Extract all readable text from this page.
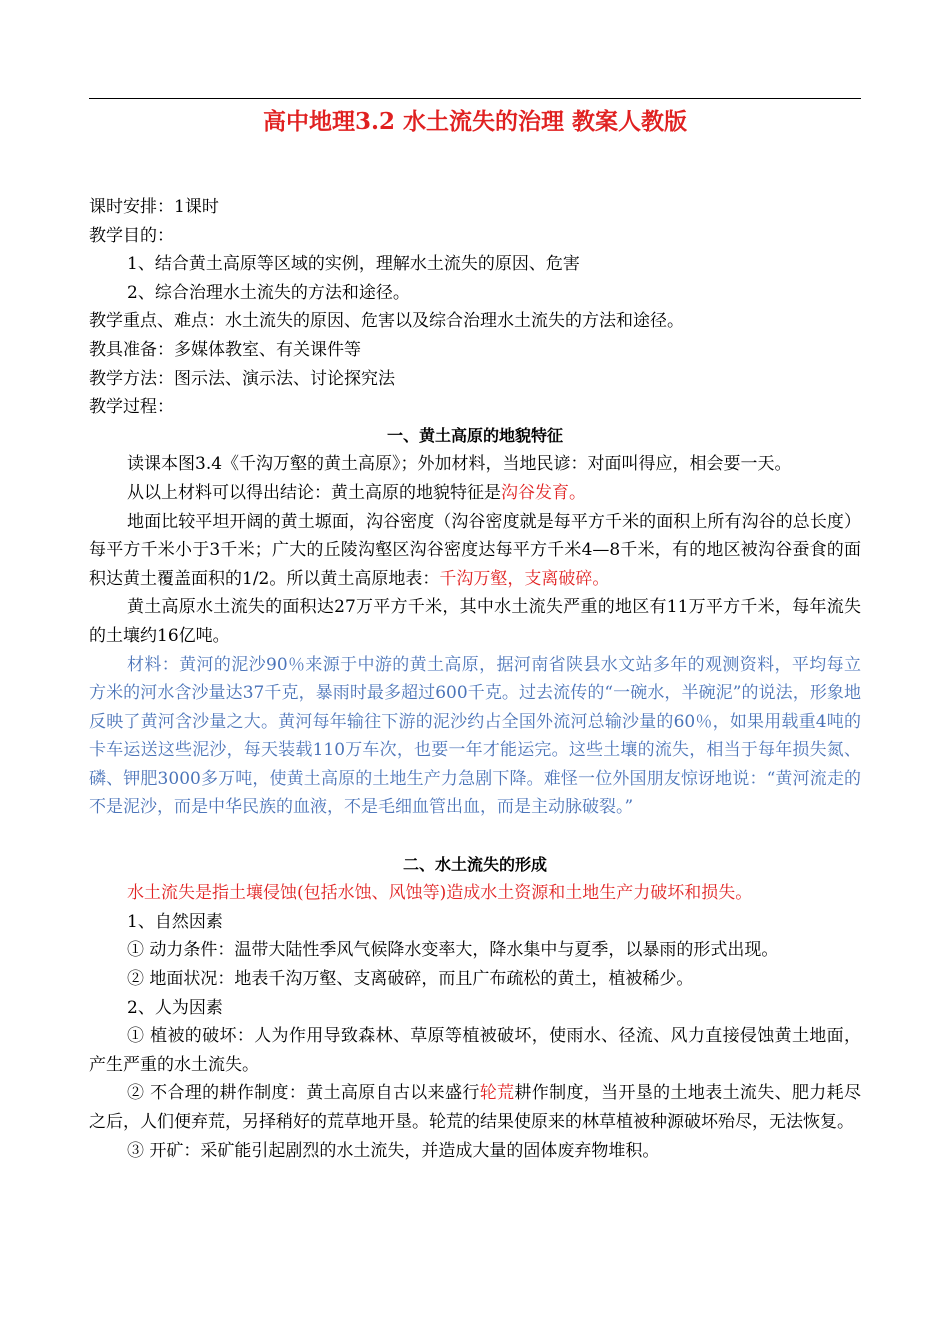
高中地理3.2 水土流失的治理 教案人教版
课时安排：1课时
教学目的：
1、结合黄土高原等区域的实例，理解水土流失的原因、危害
2、综合治理水土流失的方法和途径。
教学重点、难点：水土流失的原因、危害以及综合治理水土流失的方法和途径。
教具准备：多媒体教室、有关课件等
教学方法：图示法、演示法、讨论探究法
教学过程：
一、黄土高原的地貌特征
读课本图3.4《千沟万壑的黄土高原》；外加材料，当地民谚：对面叫得应，相会要一天。
从以上材料可以得出结论：黄土高原的地貌特征是沟谷发育。
地面比较平坦开阔的黄土塬面，沟谷密度（沟谷密度就是每平方千米的面积上所有沟谷的总长度）每平方千米小于3千米；广大的丘陵沟壑区沟谷密度达每平方千米4—8千米，有的地区被沟谷蚕食的面积达黄土覆盖面积的1/2。所以黄土高原地表：千沟万壑，支离破碎。
黄土高原水土流失的面积达27万平方千米，其中水土流失严重的地区有11万平方千米，每年流失的土壤约16亿吨。
材料：黄河的泥沙90％来源于中游的黄土高原，据河南省陕县水文站多年的观测资料，平均每立方米的河水含沙量达37千克，暴雨时最多超过600千克。过去流传的“一碗水，半碗泥”的说法，形象地反映了黄河含沙量之大。黄河每年输往下游的泥沙约占全国外流河总输沙量的60％，如果用载重4吨的卡车运送这些泥沙，每天装载110万车次，也要一年才能运完。这些土壤的流失，相当于每年损失氮、磷、钾肥3000多万吨，使黄土高原的土地生产力急剧下降。难怪一位外国朋友惊讶地说：“黄河流走的不是泥沙，而是中华民族的血液，不是毛细血管出血，而是主动脉破裂。”
二、水土流失的形成
水土流失是指土壤侵蚀(包括水蚀、风蚀等)造成水土资源和土地生产力破坏和损失。
1、自然因素
① 动力条件：温带大陆性季风气候降水变率大，降水集中与夏季，以暴雨的形式出现。
② 地面状况：地表千沟万壑、支离破碎，而且广布疏松的黄土，植被稀少。
2、人为因素
① 植被的破坏：人为作用导致森林、草原等植被破坏，使雨水、径流、风力直接侵蚀黄土地面，产生严重的水土流失。
② 不合理的耕作制度：黄土高原自古以来盛行轮荒耕作制度，当开垦的土地表土流失、肥力耗尽之后，人们便弃荒，另择稍好的荒草地开垦。轮荒的结果使原来的林草植被种源破坏殆尽，无法恢复。
③ 开矿：采矿能引起剧烈的水土流失，并造成大量的固体废弃物堆积。
